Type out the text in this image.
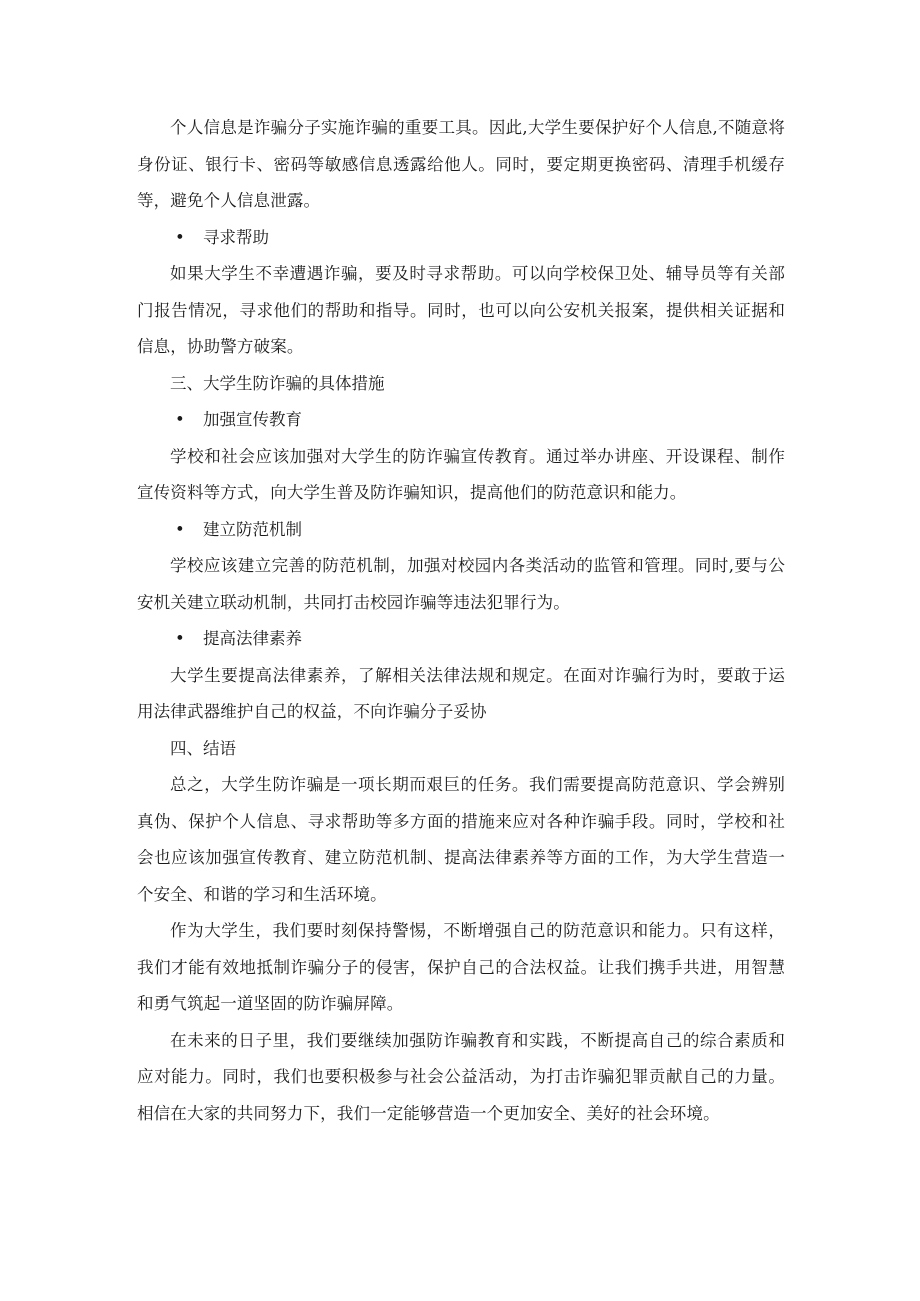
个人信息是诈骗分子实施诈骗的重要工具。因此,大学生要保护好个人信息,不随意将身份证、银行卡、密码等敏感信息透露给他人。同时，要定期更换密码、清理手机缓存等，避免个人信息泄露。

• 寻求帮助

如果大学生不幸遭遇诈骗，要及时寻求帮助。可以向学校保卫处、辅导员等有关部门报告情况，寻求他们的帮助和指导。同时，也可以向公安机关报案，提供相关证据和信息，协助警方破案。

三、大学生防诈骗的具体措施

• 加强宣传教育

学校和社会应该加强对大学生的防诈骗宣传教育。通过举办讲座、开设课程、制作宣传资料等方式，向大学生普及防诈骗知识，提高他们的防范意识和能力。

• 建立防范机制

学校应该建立完善的防范机制，加强对校园内各类活动的监管和管理。同时,要与公安机关建立联动机制，共同打击校园诈骗等违法犯罪行为。

• 提高法律素养

大学生要提高法律素养，了解相关法律法规和规定。在面对诈骗行为时，要敢于运用法律武器维护自己的权益，不向诈骗分子妥协

四、结语

总之，大学生防诈骗是一项长期而艰巨的任务。我们需要提高防范意识、学会辨别真伪、保护个人信息、寻求帮助等多方面的措施来应对各种诈骗手段。同时，学校和社会也应该加强宣传教育、建立防范机制、提高法律素养等方面的工作，为大学生营造一个安全、和谐的学习和生活环境。

作为大学生，我们要时刻保持警惕，不断增强自己的防范意识和能力。只有这样，我们才能有效地抵制诈骗分子的侵害，保护自己的合法权益。让我们携手共进，用智慧和勇气筑起一道坚固的防诈骗屏障。

在未来的日子里，我们要继续加强防诈骗教育和实践，不断提高自己的综合素质和应对能力。同时，我们也要积极参与社会公益活动，为打击诈骗犯罪贡献自己的力量。相信在大家的共同努力下，我们一定能够营造一个更加安全、美好的社会环境。
